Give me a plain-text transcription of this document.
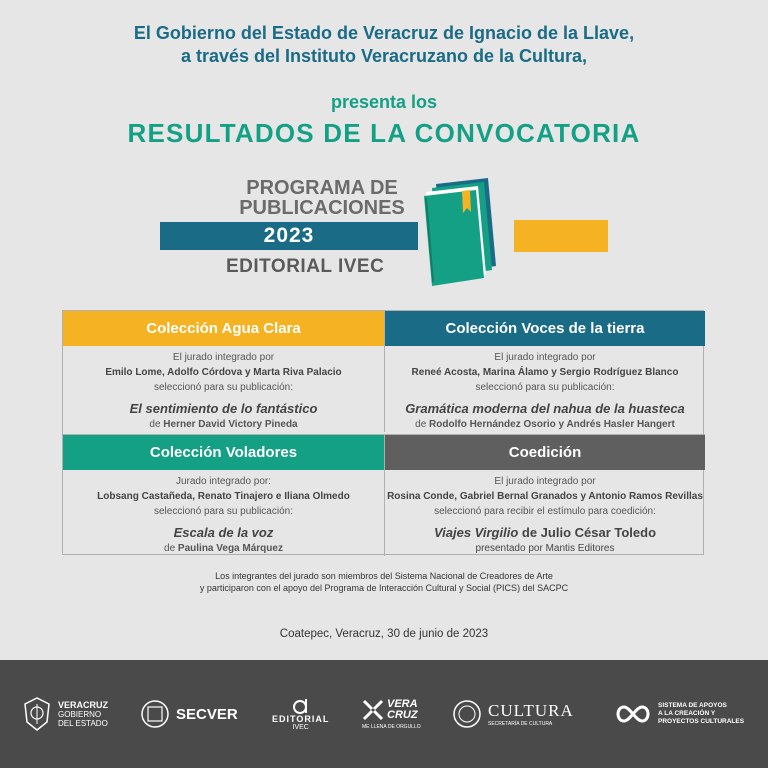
El Gobierno del Estado de Veracruz de Ignacio de la Llave,
a través del Instituto Veracruzano de la Cultura,
presenta los
RESULTADOS DE LA CONVOCATORIA
PROGRAMA DE
PUBLICACIONES
2023
EDITORIAL IVEC
Colección Agua Clara
El jurado integrado por
Emilo Lome, Adolfo Córdova y Marta Riva Palacio
seleccionó para su publicación:
El sentimiento de lo fantástico
de Herner David Victory Pineda
Colección Voces de la tierra
El jurado integrado por
Reneé Acosta, Marina Álamo y Sergio Rodríguez Blanco
seleccionó para su publicación:
Gramática moderna del nahua de la huasteca
de Rodolfo Hernández Osorio y Andrés Hasler Hangert
Colección Voladores
Jurado integrado por:
Lobsang Castañeda, Renato Tinajero e Iliana Olmedo
seleccionó para su publicación:
Escala de la voz
de Paulina Vega Márquez
Coedición
El jurado integrado por
Rosina Conde, Gabriel Bernal Granados y Antonio Ramos Revillas
seleccionó para recibir el estímulo para coedición:
Viajes Virgilio de Julio César Toledo
presentado por Mantis Editores
Los integrantes del jurado son miembros del Sistema Nacional de Creadores de Arte
y participaron con el apoyo del Programa de Interacción Cultural y Social (PICS) del SACPC
Coatepec, Veracruz, 30 de junio de 2023
VERACRUZ
GOBIERNO
DEL ESTADO
SECVER	EDITORIAL
IVEC
VERA
CRUZ
ME LLENA DE ORGULLO
CULTURA
SECRETARÍA DE CULTURA
SISTEMA DE APOYOS
A LA CREACIÓN Y
PROYECTOS CULTURALES
